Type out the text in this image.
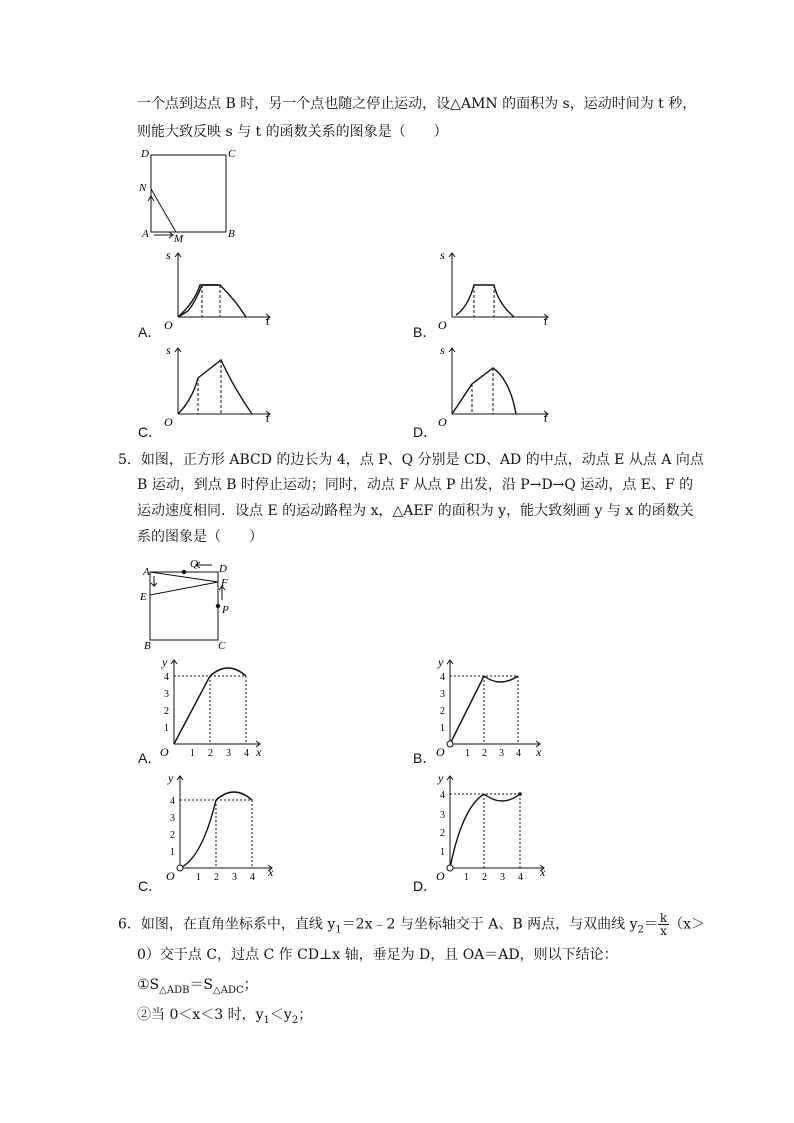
一个点到达点 B 时，另一个点也随之停止运动，设△AMN 的面积为 s，运动时间为 t 秒，
则能大致反映 s 与 t 的函数关系的图象是（　　）
D	C
N
A M	B
A．
s
t
O	B．
s
t
O
C．
s
t
O
D．
s
t
O
5．如图，正方形 ABCD 的边长为 4，点 P、Q 分别是 CD、AD 的中点，动点 E 从点 A 向点
B 运动，到点 B 时停止运动；同时，动点 F 从点 P 出发，沿 P→D→Q 运动，点 E、F 的
运动速度相同．设点 E 的运动路程为 x，△AEF 的面积为 y，能大致刻画 y 与 x 的函数关
系的图象是（　　）
A
Q D
F
E
P
B	C
A．
y
4
3
2
1
1 2 3 4
O	x	B．
y
4
3
2
1
1 2 3 4
O	x
C．
y
4
3
2
1
1 2 3 4
O	x
D．
y
4
3
2
1
1 2 3 4
O	x
6．如图，在直角坐标系中，直线 $y_1=2x﹣2$ 与坐标轴交于 A、B 两点，与双曲线 $y_2= \frac{k}{x} (x>$
0）交于点 C，过点 C 作 CD⊥x 轴，垂足为 D，且 OA＝AD，则以下结论：
$①S_{\triangle ADB}=S_{\triangle ADC}$；
②当 0＜x＜3 时，$y_1<y_2$；
